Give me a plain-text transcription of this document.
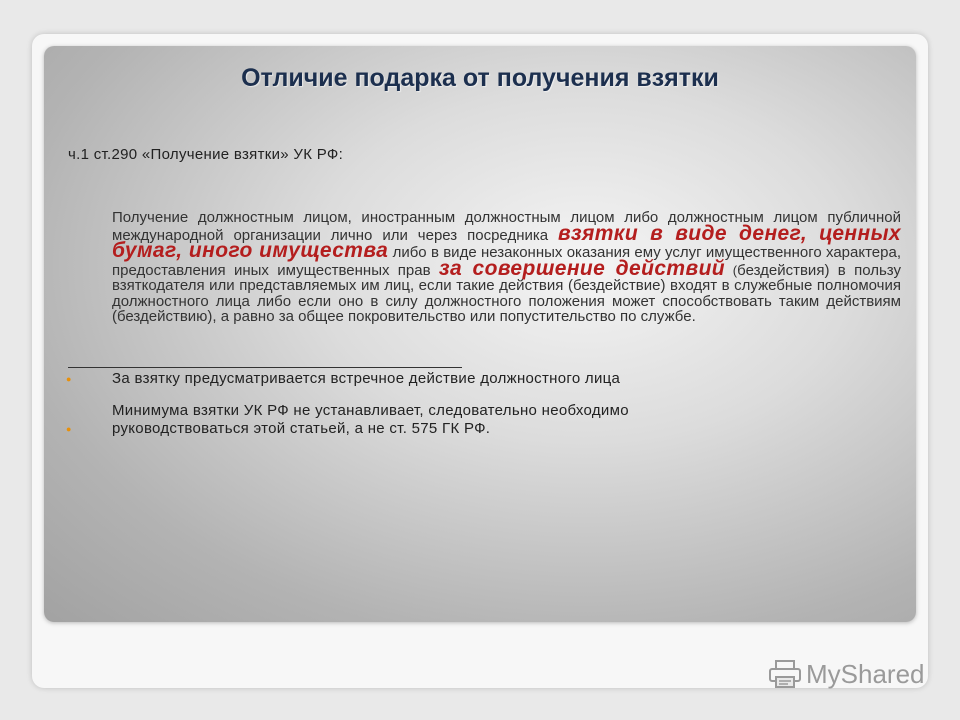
Отличие подарка от получения взятки
ч.1 ст.290 «Получение взятки» УК РФ:
Получение должностным лицом, иностранным должностным лицом либо должностным лицом публичной международной организации лично или через посредника взятки в виде денег, ценных бумаг, иного имущества либо в виде незаконных оказания ему услуг имущественного характера, предоставления иных имущественных прав за совершение действий (бездействия) в пользу взяткодателя или представляемых им лиц, если такие действия (бездействие) входят в служебные полномочия должностного лица либо если оно в силу должностного положения может способствовать таким действиям (бездействию), а равно за общее покровительство или попустительство по службе.
●	За взятку предусматривается встречное действие должностного лица
Минимума взятки УК РФ не устанавливает, следовательно необходимо
●	руководствоваться этой статьей, а не ст. 575 ГК РФ.
MyShared
